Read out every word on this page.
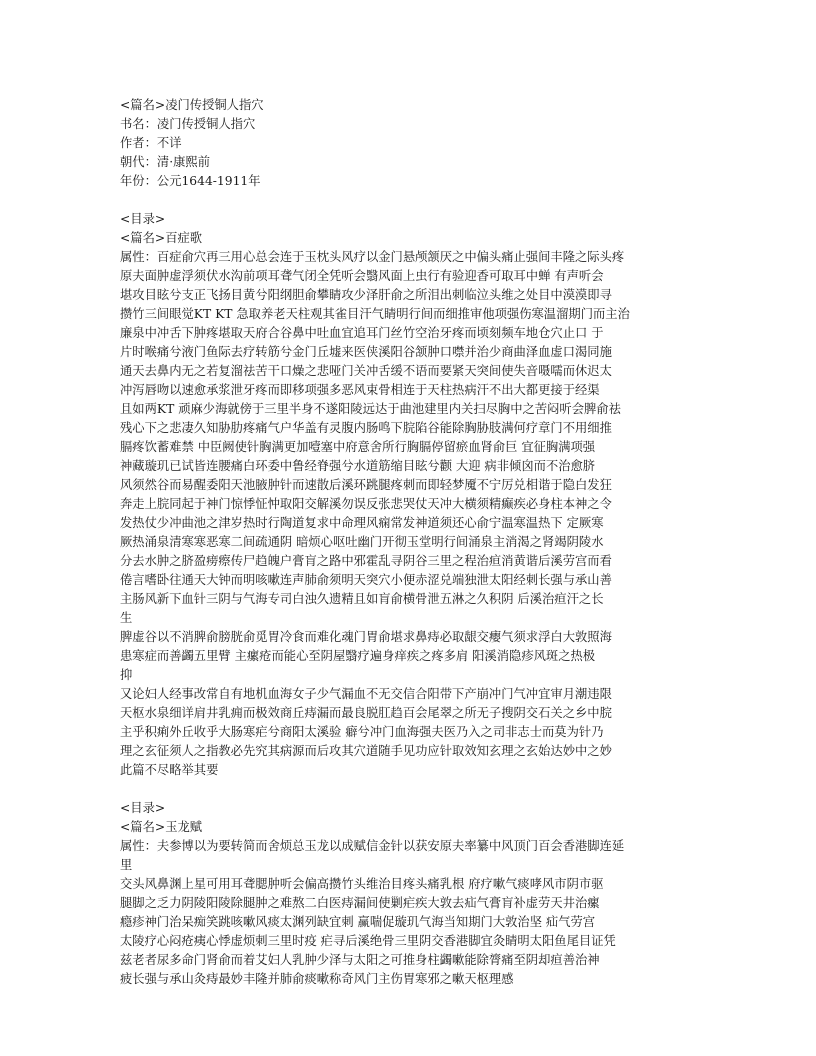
<篇名>凌门传授铜人指穴
书名：凌门传授铜人指穴
作者：不详
朝代：清·康熙前
年份：公元1644-1911年
<目录>
<篇名>百症歌
属性：百症俞穴再三用心总会连于玉枕头风疗以金门悬颅颔厌之中偏头痛止强间丰隆之际头疼
原夫面肿虚浮须伏水沟前项耳聋气闭全凭听会翳风面上虫行有验迎香可取耳中蝉 有声听会
堪攻目眩兮支正飞扬目黄兮阳纲胆俞攀睛攻少泽肝俞之所泪出刺临泣头维之处目中漠漠即寻
攒竹三间眼觉KT KT 急取养老天柱观其雀目汗气睛明行间而细推审他项强伤寒温溜期门而主治
廉泉中冲舌下肿疼堪取天府合谷鼻中吐血宜追耳门丝竹空治牙疼而顷刻频车地仓穴止口 于
片时喉痛兮液门鱼际去疗转筋兮金门丘墟来医侠溪阳谷颔肿口噤并治少商曲泽血虚口渴同施
通天去鼻内无之若复溜祛苦干口燥之悲哑门关冲舌缓不语而要紧天突间使失音嗫嚅而休迟太
冲泻唇吻以速愈承浆泄牙疼而即移项强多恶风束骨相连于天柱热病汗不出大都更接于经渠
且如两KT 顽麻少海就傍于三里半身不遂阳陵远达于曲池建里内关扫尽胸中之苦闷听会脾俞祛
残心下之悲凄久知胁肋疼痛气户华盖有灵腹内肠鸣下脘陷谷能除胸胁肢满何疗章门不用细推
膈疼饮蓄难禁 中臣阙使针胸满更加噎塞中府意舍所行胸膈停留瘀血肾俞巨 宜征胸满项强
神藏璇玑已试皆连腰痛白环委中鲁经脊强兮水道筋缩目眩兮颧 大迎 病非倾囟而不治愈脐
风须然谷而易醒委阳天池腋肿针而速散后溪环跳腿疼刺而即轻梦魇不宁厉兑相谐于隐白发狂
奔走上脘同起于神门惊悸怔忡取阳交解溪勿误反张悲哭仗天冲大横须精癫疾必身柱本神之令
发热仗少冲曲池之津岁热时行陶道复求中命理风痫常发神道须还心俞宁温寒温热下 定厥寒
厥热涌泉清寒寒恶寒二间疏通阴 暗烦心呕吐幽门开彻玉堂明行间涌泉主消渴之肾竭阴陵水
分去水肿之脐盈痨瘵传尸趋魄户膏肓之路中邪霍乱寻阴谷三里之程治疸消黄谐后溪劳宫而看
倦言嗜卧往通天大钟而明咳嗽连声肺俞须明天突穴小便赤涩兑端独泄太阳经刺长强与承山善
主肠风新下血针三阴与气海专司白浊久遗精且如肓俞横骨泄五淋之久积阴 后溪治疸汗之长
生
脾虚谷以不消脾俞膀胱俞觅胃冷食而难化魂门胃俞堪求鼻痔必取龈交瘿气须求浮白大敦照海
患寒症而善蠲五里臂 主瘰疮而能心至阴屋翳疗遍身痒疾之疼多肩 阳溪消隐疹风斑之热极
抑
又论妇人经事改常自有地机血海女子少气漏血不无交信合阳带下产崩冲门气冲宜审月潮违限
天枢水泉细详肩井乳痈而极效商丘痔漏而最良脱肛趋百会尾翠之所无子搜阴交石关之乡中脘
主乎积痢外丘收乎大肠寒疟兮商阳太溪验 癖兮冲门血海强夫医乃入之司非志士而莫为针乃
理之玄征须人之指教必先究其病源而后攻其穴道随手见功应针取效知玄理之玄始达妙中之妙
此篇不尽略举其要
<目录>
<篇名>玉龙赋
属性：夫参博以为要转简而舍烦总玉龙以成赋信金针以获安原夫率纂中风顶门百会香港脚连延
里
交头风鼻渊上星可用耳聋腮肿听会偏高攒竹头维治目疼头痛乳根 府疗嗽气痰哮风市阴市驱
腿脚之乏力阴陵阳陵除腿肿之难熬二白医痔漏间使剿疟疾大敦去疝气膏肓补虚劳天井治瘰
瘾疹神门治呆痴笑跳咳嗽风痰太渊列缺宜刺 赢喘促璇玑气海当知期门大敦治坚 疝气劳宫
太陵疗心闷疮痍心悸虚烦刺三里时疫 疟寻后溪绝骨三里阴交香港脚宜灸睛明太阳鱼尾目证凭
兹老者尿多命门肾俞而着艾妇人乳肿少泽与太阳之可推身柱蠲嗽能除膂痛至阴却疸善治神
疲长强与承山灸痔最妙丰隆并肺俞痰嗽称奇风门主伤胃寒邪之嗽天枢理感
